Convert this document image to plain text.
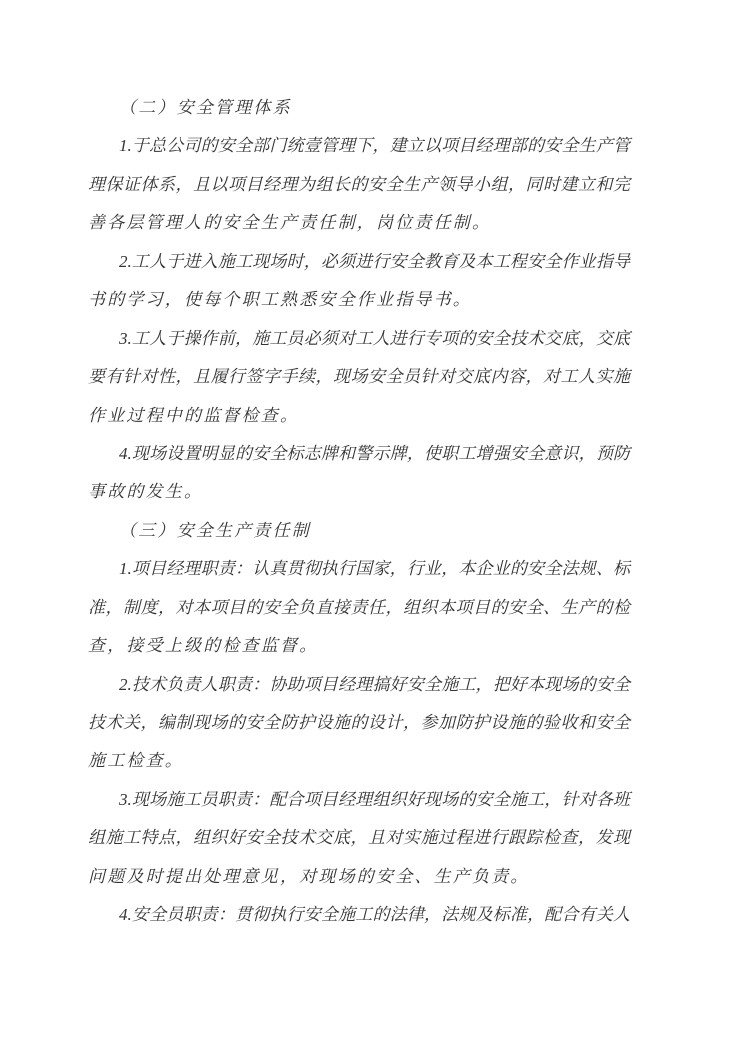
（二）安全管理体系
1.于总公司的安全部门统壹管理下，建立以项目经理部的安全生产管
理保证体系，且以项目经理为组长的安全生产领导小组，同时建立和完
善各层管理人的安全生产责任制，岗位责任制。
2.工人于进入施工现场时，必须进行安全教育及本工程安全作业指导
书的学习，使每个职工熟悉安全作业指导书。
3.工人于操作前，施工员必须对工人进行专项的安全技术交底，交底
要有针对性，且履行签字手续，现场安全员针对交底内容，对工人实施
作业过程中的监督检查。
4.现场设置明显的安全标志牌和警示牌，使职工增强安全意识，预防
事故的发生。
（三）安全生产责任制
1.项目经理职责：认真贯彻执行国家，行业，本企业的安全法规、标
准，制度，对本项目的安全负直接责任，组织本项目的安全、生产的检
查，接受上级的检查监督。
2.技术负责人职责：协助项目经理搞好安全施工，把好本现场的安全
技术关，编制现场的安全防护设施的设计，参加防护设施的验收和安全
施工检查。
3.现场施工员职责：配合项目经理组织好现场的安全施工，针对各班
组施工特点，组织好安全技术交底，且对实施过程进行跟踪检查，发现
问题及时提出处理意见，对现场的安全、生产负责。
4.安全员职责：贯彻执行安全施工的法律，法规及标准，配合有关人
